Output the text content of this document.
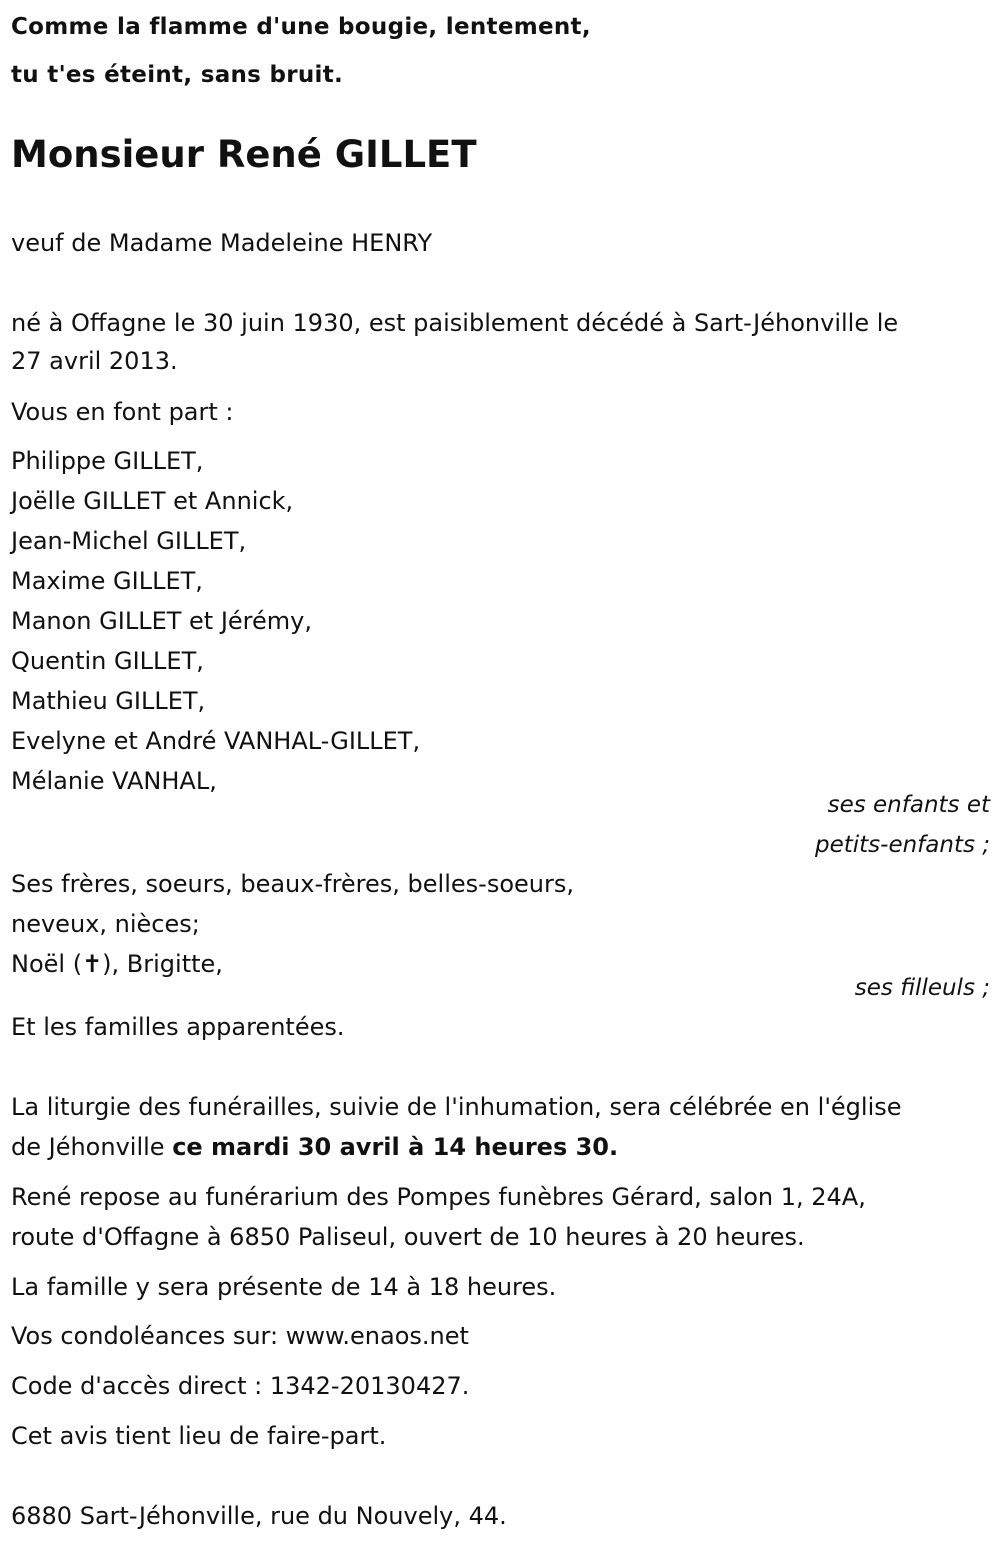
Comme la flamme d'une bougie, lentement,

tu t'es éteint, sans bruit.

Monsieur René GILLET

veuf de Madame Madeleine HENRY

né à Offagne le 30 juin 1930, est paisiblement décédé à Sart-Jéhonville le

27 avril 2013.

Vous en font part :

Philippe GILLET,

Joëlle GILLET et Annick,

Jean-Michel GILLET,

Maxime GILLET,

Manon GILLET et Jérémy,

Quentin GILLET,

Mathieu GILLET,

Evelyne et André VANHAL-GILLET,

Mélanie VANHAL,

ses enfants et

petits-enfants ;

Ses frères, soeurs, beaux-frères, belles-soeurs,

neveux, nièces;

Noël (✝), Brigitte,

ses filleuls ;

Et les familles apparentées.

La liturgie des funérailles, suivie de l'inhumation, sera célébrée en l'église

de Jéhonville ce mardi 30 avril à 14 heures 30.

René repose au funérarium des Pompes funèbres Gérard, salon 1, 24A,

route d'Offagne à 6850 Paliseul, ouvert de 10 heures à 20 heures.

La famille y sera présente de 14 à 18 heures.

Vos condoléances sur: www.enaos.net

Code d'accès direct : 1342-20130427.

Cet avis tient lieu de faire-part.

6880 Sart-Jéhonville, rue du Nouvely, 44.
